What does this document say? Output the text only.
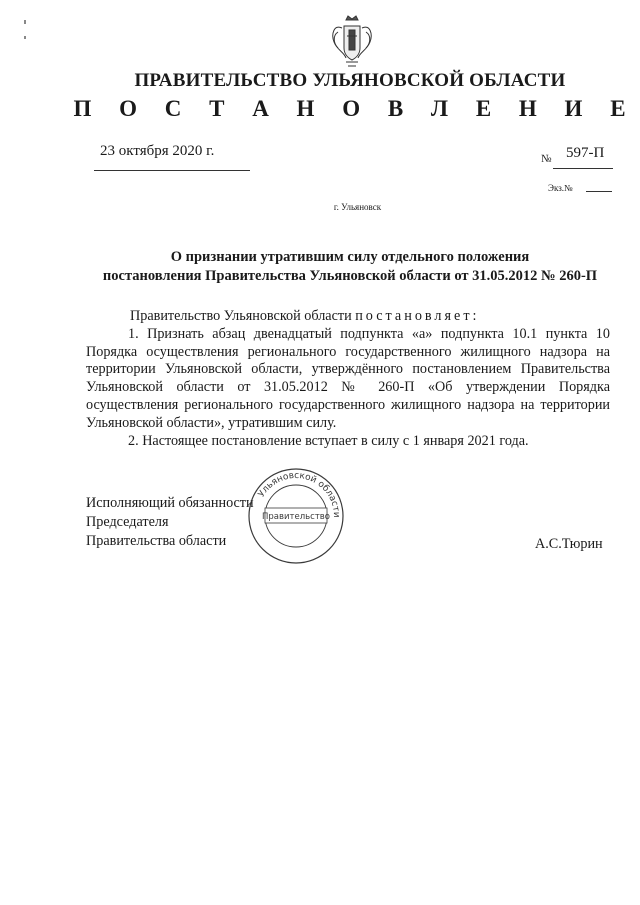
ПРАВИТЕЛЬСТВО УЛЬЯНОВСКОЙ ОБЛАСТИ
П О С Т А Н О В Л Е Н И Е
23 октября 2020 г.	№ 597-П
Экз.№
г. Ульяновск
О признании утратившим силу отдельного положения
постановления Правительства Ульяновской области от 31.05.2012 № 260-П

Правительство Ульяновской области постановляет:

1. Признать абзац двенадцатый подпункта «а» подпункта 10.1 пункта 10 Порядка осуществления регионального государственного жилищного надзора на территории Ульяновской области, утверждённого постановлением Правительства Ульяновской области от 31.05.2012 № 260-П «Об утверждении Порядка осуществления регионального государственного жилищного надзора на территории Ульяновской области», утратившим силу.

2. Настоящее постановление вступает в силу с 1 января 2021 года.

Исполняющий обязанности
Председателя
Правительства области
Ульяновской области
Правительство
А.С.Тюрин
